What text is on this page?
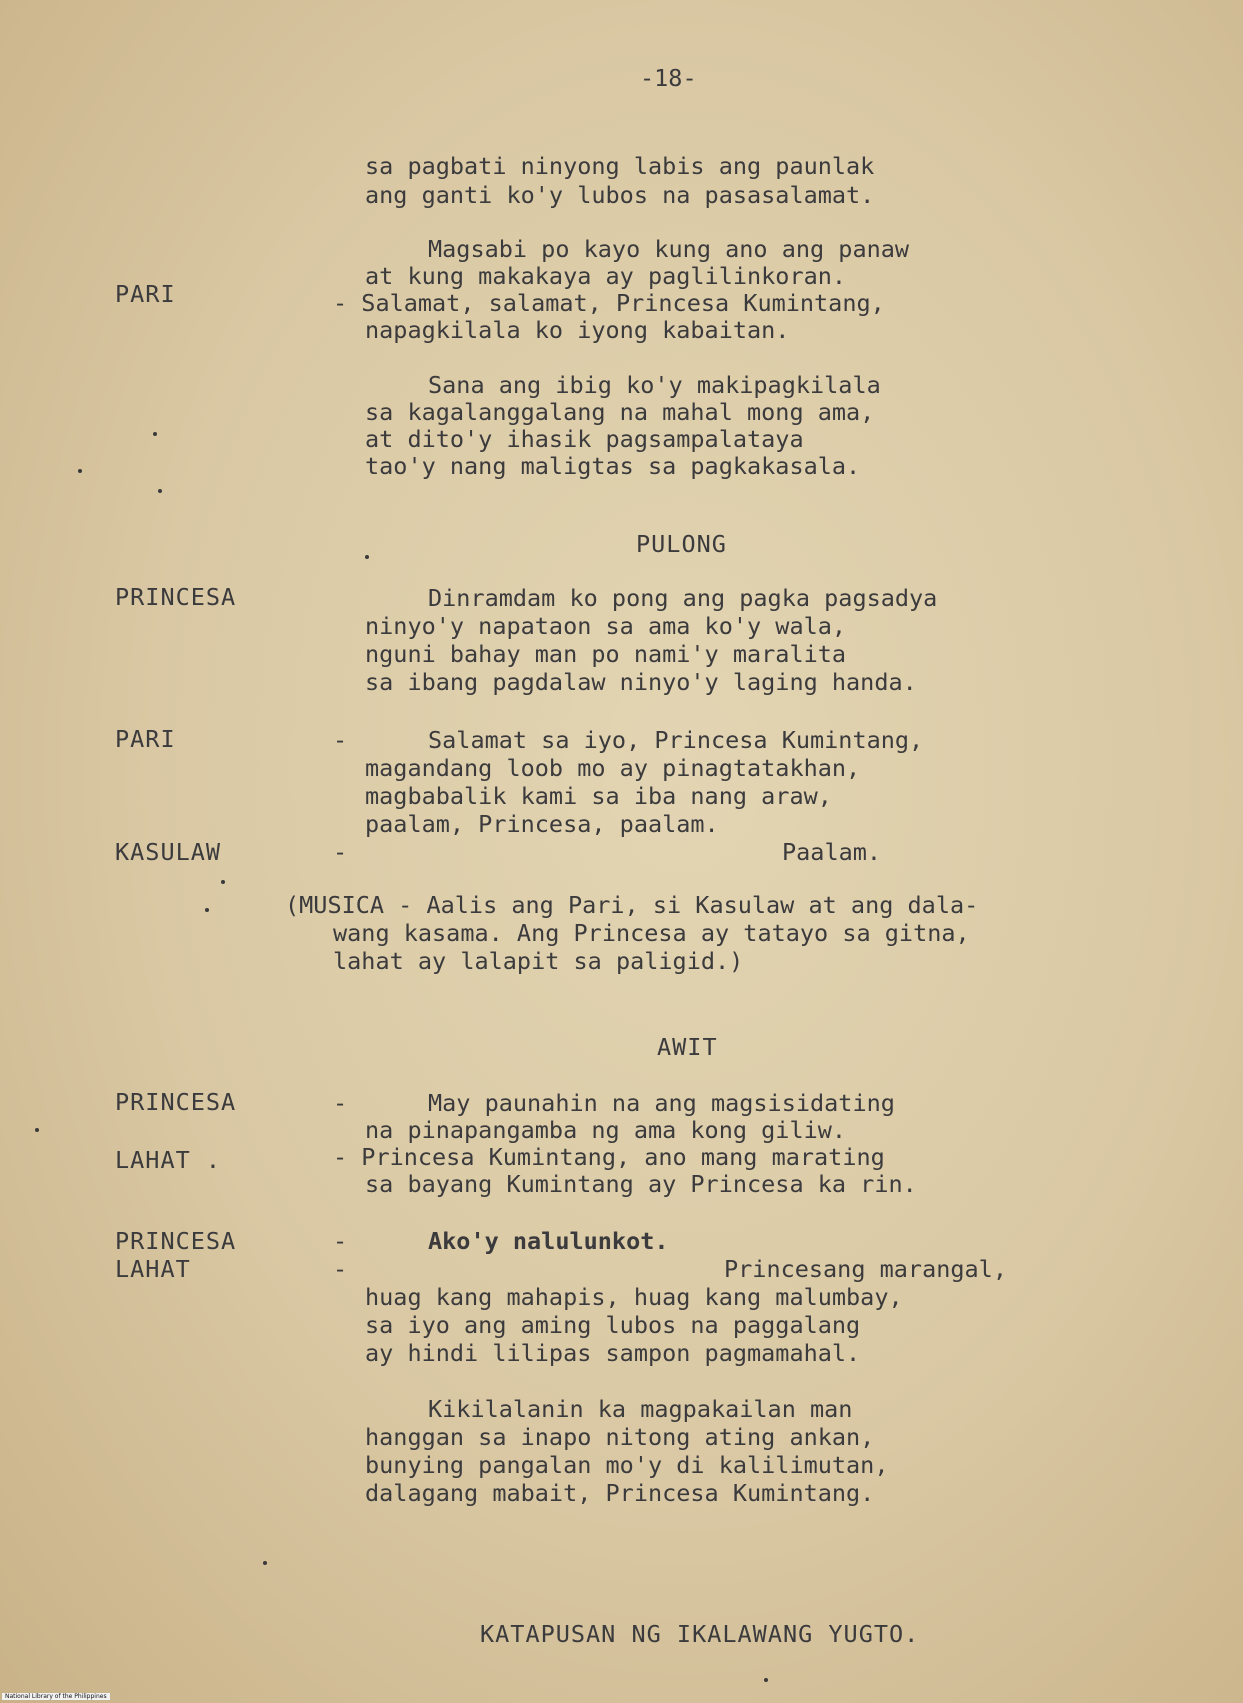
-18-
sa pagbati ninyong labis ang paunlak
ang ganti ko'y lubos na pasasalamat.
Magsabi po kayo kung ano ang panaw
at kung makakaya ay paglilinkoran.
PARI	- Salamat, salamat, Princesa Kumintang,
napagkilala ko iyong kabaitan.
Sana ang ibig ko'y makipagkilala
sa kagalanggalang na mahal mong ama,
at dito'y ihasik pagsampalataya
tao'y nang maligtas sa pagkakasala.
PULONG
PRINCESA	Dinramdam ko pong ang pagka pagsadya
ninyo'y napataon sa ama ko'y wala,
nguni bahay man po nami'y maralita
sa ibang pagdalaw ninyo'y laging handa.
PARI	-	Salamat sa iyo, Princesa Kumintang,
magandang loob mo ay pinagtatakhan,
magbabalik kami sa iba nang araw,
paalam, Princesa, paalam.
KASULAW	-	Paalam.
(MUSICA - Aalis ang Pari, si Kasulaw at ang dala-
wang kasama. Ang Princesa ay tatayo sa gitna,
lahat ay lalapit sa paligid.)
AWIT
PRINCESA	-	May paunahin na ang magsisidating
na pinapangamba ng ama kong giliw.
LAHAT .	- Princesa Kumintang, ano mang marating
sa bayang Kumintang ay Princesa ka rin.
PRINCESA	-	Ako'y nalulunkot.
LAHAT	-	Princesang marangal,
huag kang mahapis, huag kang malumbay,
sa iyo ang aming lubos na paggalang
ay hindi lilipas sampon pagmamahal.
Kikilalanin ka magpakailan man
hanggan sa inapo nitong ating ankan,
bunying pangalan mo'y di kalilimutan,
dalagang mabait, Princesa Kumintang.
KATAPUSAN NG IKALAWANG YUGTO.
National Library of the Philippines
